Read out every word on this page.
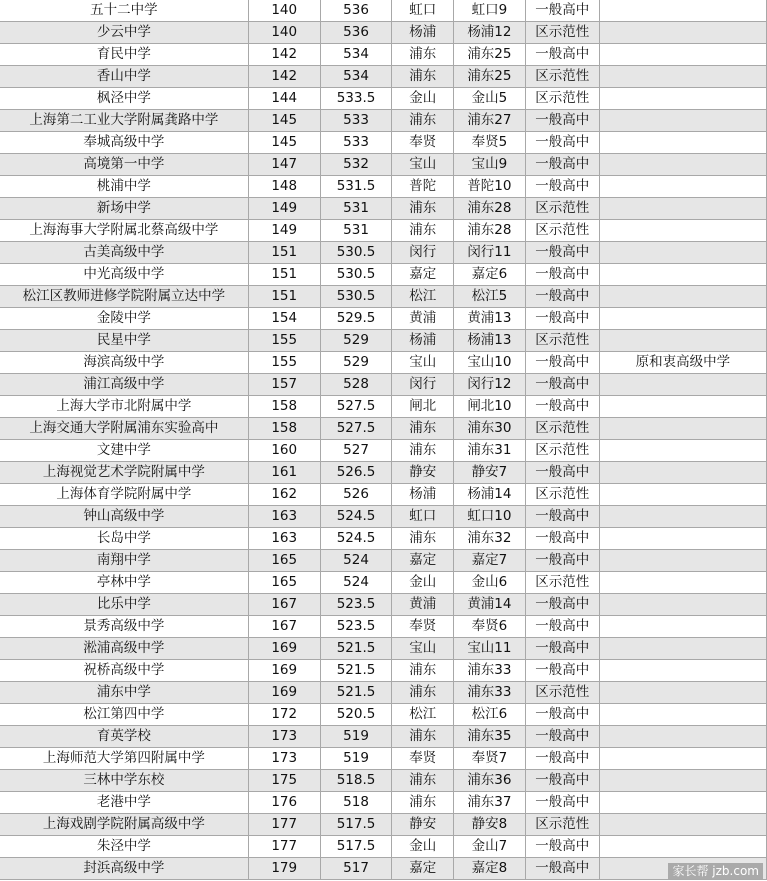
五十二中学	140	536	虹口	虹口9	一般高中	
少云中学	140	536	杨浦	杨浦12	区示范性	
育民中学	142	534	浦东	浦东25	一般高中	
香山中学	142	534	浦东	浦东25	区示范性	
枫泾中学	144	533.5	金山	金山5	区示范性	
上海第二工业大学附属龚路中学	145	533	浦东	浦东27	一般高中	
奉城高级中学	145	533	奉贤	奉贤5	一般高中	
高境第一中学	147	532	宝山	宝山9	一般高中	
桃浦中学	148	531.5	普陀	普陀10	一般高中	
新场中学	149	531	浦东	浦东28	区示范性	
上海海事大学附属北蔡高级中学	149	531	浦东	浦东28	区示范性	
古美高级中学	151	530.5	闵行	闵行11	一般高中	
中光高级中学	151	530.5	嘉定	嘉定6	一般高中	
松江区教师进修学院附属立达中学	151	530.5	松江	松江5	一般高中	
金陵中学	154	529.5	黄浦	黄浦13	一般高中	
民星中学	155	529	杨浦	杨浦13	区示范性	
海滨高级中学	155	529	宝山	宝山10	一般高中	原和衷高级中学
浦江高级中学	157	528	闵行	闵行12	一般高中	
上海大学市北附属中学	158	527.5	闸北	闸北10	一般高中	
上海交通大学附属浦东实验高中	158	527.5	浦东	浦东30	区示范性	
文建中学	160	527	浦东	浦东31	区示范性	
上海视觉艺术学院附属中学	161	526.5	静安	静安7	一般高中	
上海体育学院附属中学	162	526	杨浦	杨浦14	区示范性	
钟山高级中学	163	524.5	虹口	虹口10	一般高中	
长岛中学	163	524.5	浦东	浦东32	一般高中	
南翔中学	165	524	嘉定	嘉定7	一般高中	
亭林中学	165	524	金山	金山6	区示范性	
比乐中学	167	523.5	黄浦	黄浦14	一般高中	
景秀高级中学	167	523.5	奉贤	奉贤6	一般高中	
淞浦高级中学	169	521.5	宝山	宝山11	一般高中	
祝桥高级中学	169	521.5	浦东	浦东33	一般高中	
浦东中学	169	521.5	浦东	浦东33	区示范性	
松江第四中学	172	520.5	松江	松江6	一般高中	
育英学校	173	519	浦东	浦东35	一般高中	
上海师范大学第四附属中学	173	519	奉贤	奉贤7	一般高中	
三林中学东校	175	518.5	浦东	浦东36	一般高中	
老港中学	176	518	浦东	浦东37	一般高中	
上海戏剧学院附属高级中学	177	517.5	静安	静安8	区示范性	
朱泾中学	177	517.5	金山	金山7	一般高中	
封浜高级中学	179	517	嘉定	嘉定8	一般高中		家长帮 jzb.com
